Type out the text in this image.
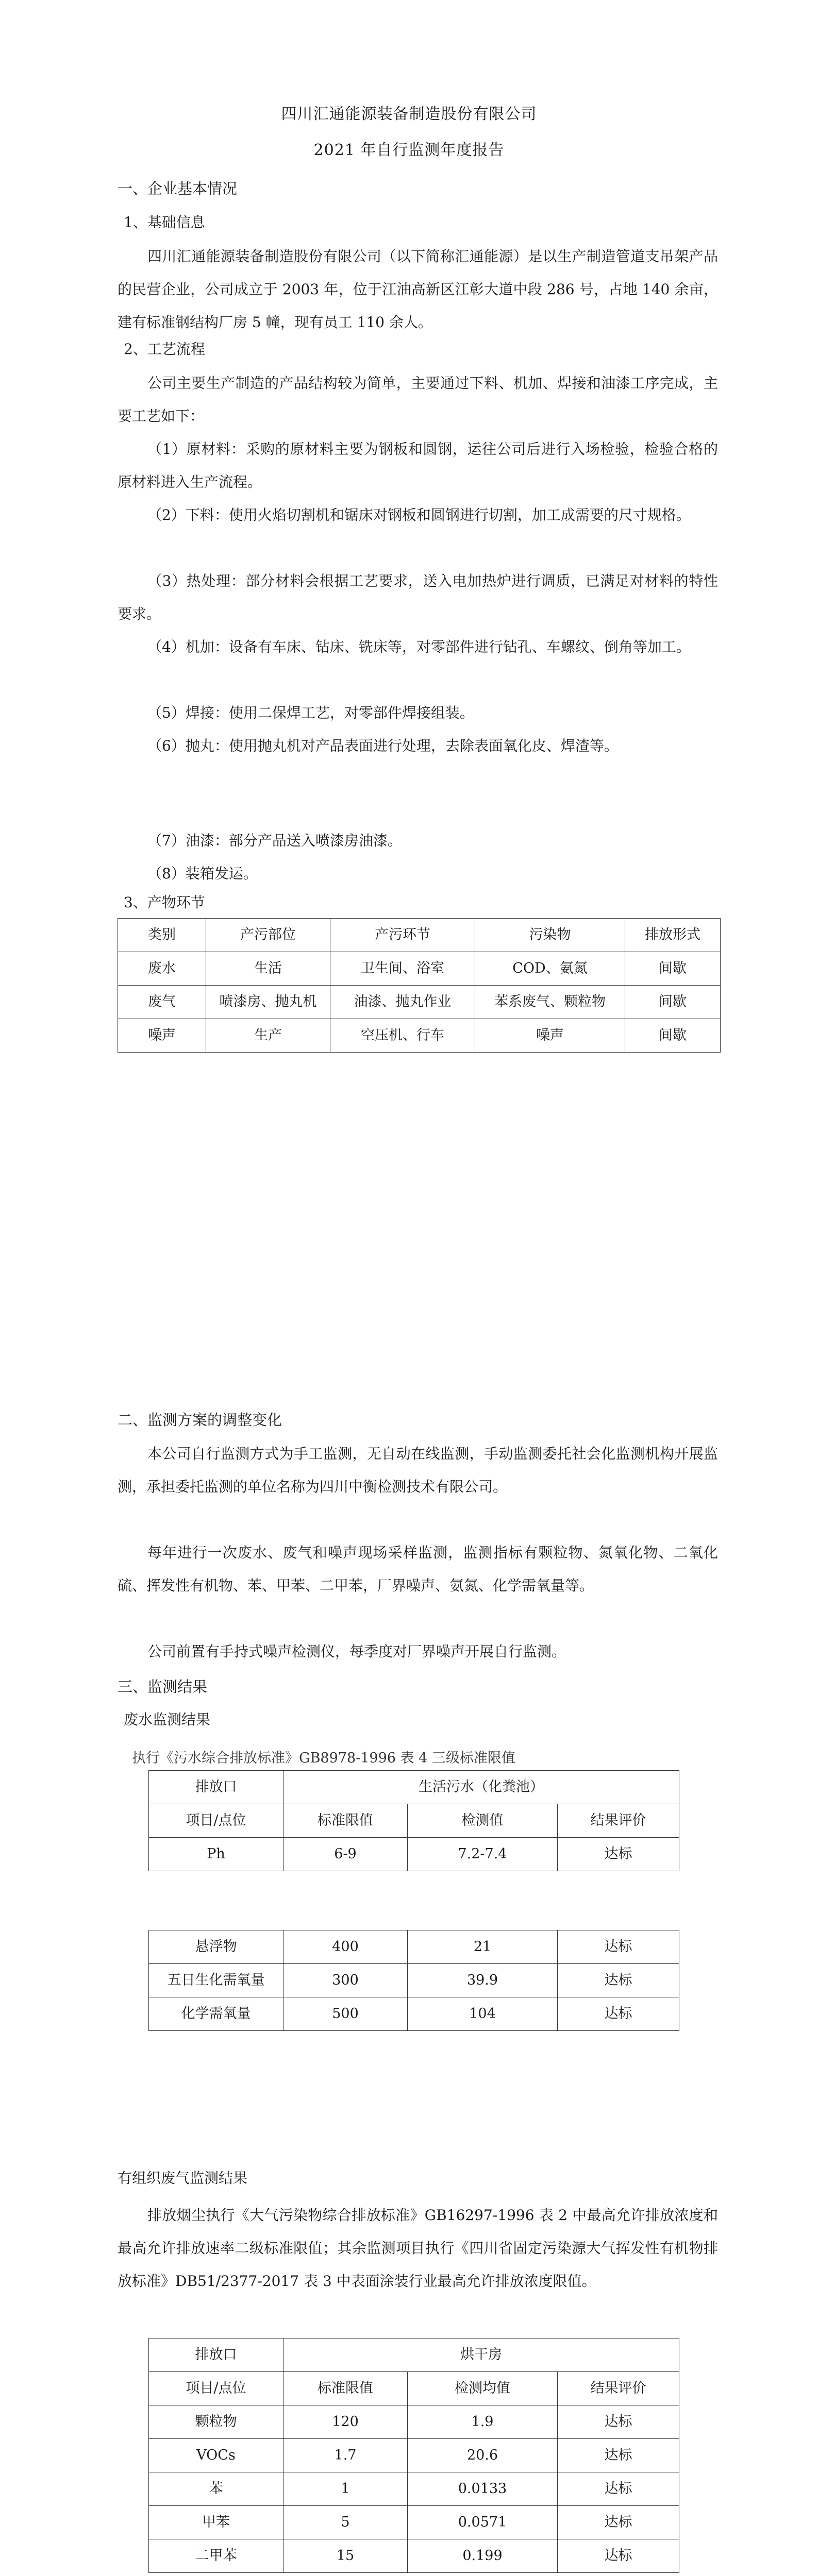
四川汇通能源装备制造股份有限公司
2021 年自行监测年度报告
一、企业基本情况
1、基础信息
四川汇通能源装备制造股份有限公司（以下简称汇通能源）是以生产制造管道支吊架产品的民营企业，公司成立于 2003 年，位于江油高新区江彰大道中段 286 号，占地 140 余亩，建有标准钢结构厂房 5 幢，现有员工 110 余人。
2、工艺流程
公司主要生产制造的产品结构较为简单，主要通过下料、机加、焊接和油漆工序完成，主要工艺如下：
（1）原材料：采购的原材料主要为钢板和圆钢，运往公司后进行入场检验，检验合格的原材料进入生产流程。
（2）下料：使用火焰切割机和锯床对钢板和圆钢进行切割，加工成需要的尺寸规格。
（3）热处理：部分材料会根据工艺要求，送入电加热炉进行调质，已满足对材料的特性要求。
（4）机加：设备有车床、钻床、铣床等，对零部件进行钻孔、车螺纹、倒角等加工。
（5）焊接：使用二保焊工艺，对零部件焊接组装。
（6）抛丸：使用抛丸机对产品表面进行处理，去除表面氧化皮、焊渣等。
（7）油漆：部分产品送入喷漆房油漆。
（8）装箱发运。
3、产物环节
类别	产污部位	产污环节	污染物	排放形式
废水	生活	卫生间、浴室	COD、氨氮	间歇
废气	喷漆房、抛丸机	油漆、抛丸作业	苯系废气、颗粒物	间歇
噪声	生产	空压机、行车	噪声	间歇
二、监测方案的调整变化
本公司自行监测方式为手工监测，无自动在线监测，手动监测委托社会化监测机构开展监测，承担委托监测的单位名称为四川中衡检测技术有限公司。
每年进行一次废水、废气和噪声现场采样监测，监测指标有颗粒物、氮氧化物、二氧化硫、挥发性有机物、苯、甲苯、二甲苯，厂界噪声、氨氮、化学需氧量等。
公司前置有手持式噪声检测仪，每季度对厂界噪声开展自行监测。
三、监测结果
废水监测结果
执行《污水综合排放标准》GB8978-1996 表 4 三级标准限值
排放口	生活污水（化粪池）		
项目/点位	标准限值	检测值	结果评价
Ph	6-9	7.2-7.4	达标
悬浮物	400	21	达标
五日生化需氧量	300	39.9	达标
化学需氧量	500	104	达标
有组织废气监测结果
排放烟尘执行《大气污染物综合排放标准》GB16297-1996 表 2 中最高允许排放浓度和最高允许排放速率二级标准限值；其余监测项目执行《四川省固定污染源大气挥发性有机物排放标准》DB51/2377-2017 表 3 中表面涂装行业最高允许排放浓度限值。
排放口	烘干房		
项目/点位	标准限值	检测均值	结果评价
颗粒物	120	1.9	达标
VOCs	1.7	20.6	达标
苯	1	0.0133	达标
甲苯	5	0.0571	达标
二甲苯	15	0.199	达标
